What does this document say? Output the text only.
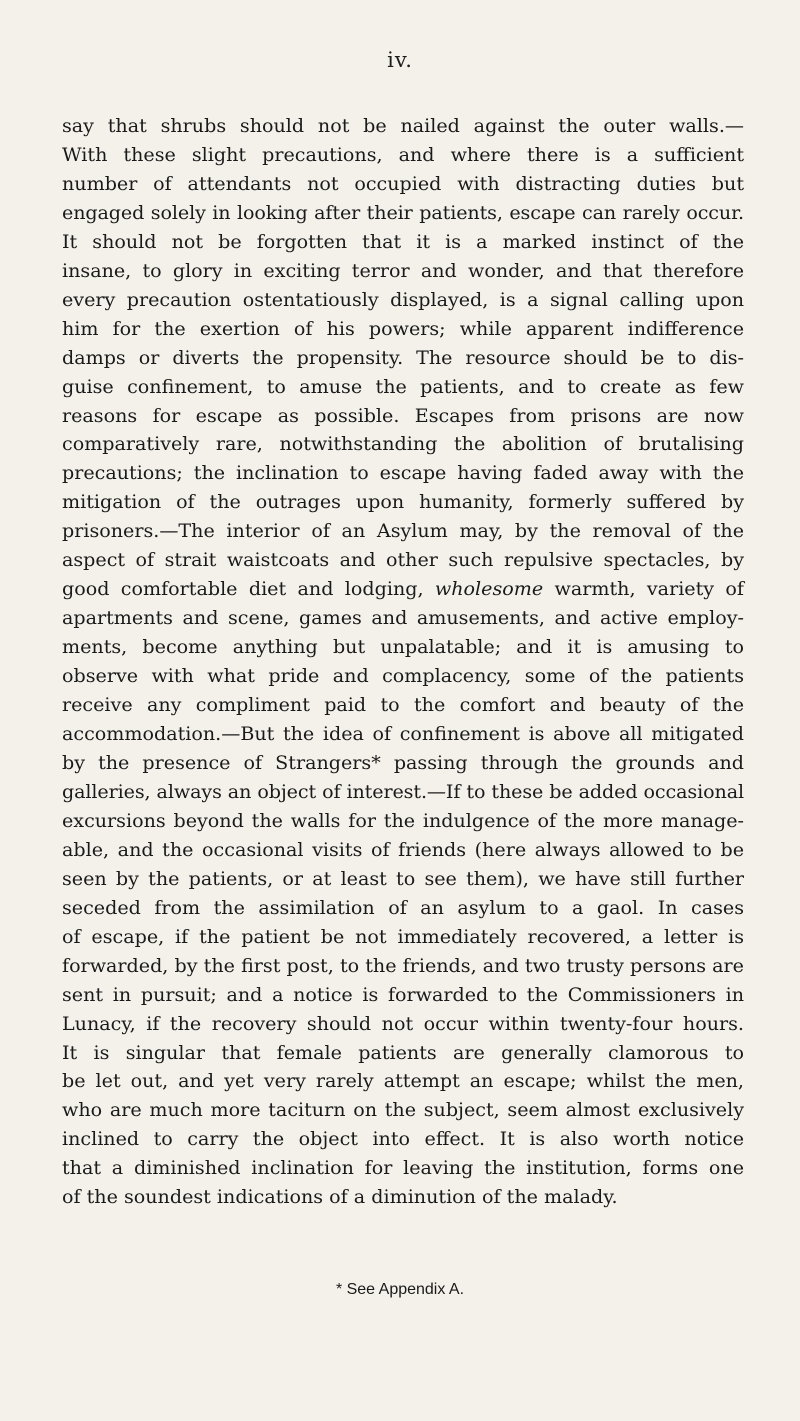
iv.
say that shrubs should not be nailed against the outer walls.—
With these slight precautions, and where there is a sufficient
number of attendants not occupied with distracting duties but
engaged solely in looking after their patients, escape can rarely occur.
It should not be forgotten that it is a marked instinct of the
insane, to glory in exciting terror and wonder, and that therefore
every precaution ostentatiously displayed, is a signal calling upon
him for the exertion of his powers; while apparent indifference
damps or diverts the propensity. The resource should be to dis-
guise confinement, to amuse the patients, and to create as few
reasons for escape as possible. Escapes from prisons are now
comparatively rare, notwithstanding the abolition of brutalising
precautions; the inclination to escape having faded away with the
mitigation of the outrages upon humanity, formerly suffered by
prisoners.—The interior of an Asylum may, by the removal of the
aspect of strait waistcoats and other such repulsive spectacles, by
good comfortable diet and lodging, wholesome warmth, variety of
apartments and scene, games and amusements, and active employ-
ments, become anything but unpalatable; and it is amusing to
observe with what pride and complacency, some of the patients
receive any compliment paid to the comfort and beauty of the
accommodation.—But the idea of confinement is above all mitigated
by the presence of Strangers* passing through the grounds and
galleries, always an object of interest.—If to these be added occasional
excursions beyond the walls for the indulgence of the more manage-
able, and the occasional visits of friends (here always allowed to be
seen by the patients, or at least to see them), we have still further
seceded from the assimilation of an asylum to a gaol. In cases
of escape, if the patient be not immediately recovered, a letter is
forwarded, by the first post, to the friends, and two trusty persons are
sent in pursuit; and a notice is forwarded to the Commissioners in
Lunacy, if the recovery should not occur within twenty-four hours.
It is singular that female patients are generally clamorous to
be let out, and yet very rarely attempt an escape; whilst the men,
who are much more taciturn on the subject, seem almost exclusively
inclined to carry the object into effect. It is also worth notice
that a diminished inclination for leaving the institution, forms one
of the soundest indications of a diminution of the malady.
* See Appendix A.
